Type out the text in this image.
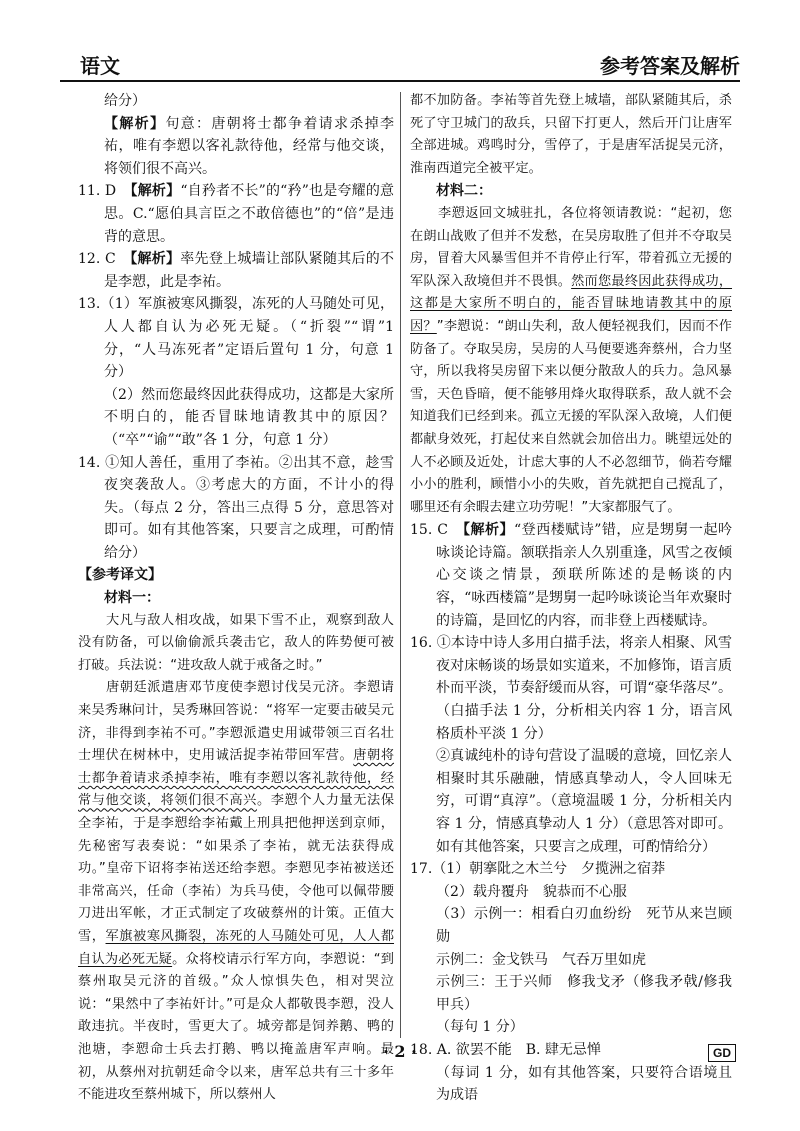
语文	参考答案及解析

给分）

【解析】句意：唐朝将士都争着请求杀掉李祐，唯有李愬以客礼款待他，经常与他交谈，将领们很不高兴。

11. D　 【解析】“自矜者不长”的“矜”也是夸耀的意思。C.“愿伯具言臣之不敢倍德也”的“倍”是违背的意思。

12. C　 【解析】率先登上城墙让部队紧随其后的不是李愬，此是李祐。

13.（1）军旗被寒风撕裂，冻死的人马随处可见，人人都自认为必死无疑。（“折裂”“谓”1 分，“人马冻死者”定语后置句 1 分，句意 1 分）

（2）然而您最终因此获得成功，这都是大家所不明白的，能否冒昧地请教其中的原因？（“卒”“谕”“敢”各 1 分，句意 1 分）

14. ①知人善任，重用了李祐。②出其不意，趁雪夜突袭敌人。③考虑大的方面，不计小的得失。（每点 2 分，答出三点得 5 分，意思答对即可。如有其他答案，只要言之成理，可酌情给分）

【参考译文】

材料一：

大凡与敌人相攻战，如果下雪不止，观察到敌人没有防备，可以偷偷派兵袭击它，敌人的阵势便可被打破。兵法说：“进攻敌人就于戒备之时。”

唐朝廷派遣唐邓节度使李愬讨伐吴元济。李愬请来吴秀琳问计，吴秀琳回答说：“将军一定要击破吴元济，非得到李祐不可。”李愬派遣史用诚带领三百名壮士埋伏在树林中，史用诚活捉李祐带回军营。唐朝将士都争着请求杀掉李祐，唯有李愬以客礼款待他，经常与他交谈，将领们很不高兴。李愬个人力量无法保全李祐，于是李愬给李祐戴上刑具把他押送到京师，先秘密写表奏说：“如果杀了李祐，就无法获得成功。”皇帝下诏将李祐送还给李愬。李愬见李祐被送还非常高兴，任命（李祐）为兵马使，令他可以佩带腰刀进出军帐，才正式制定了攻破蔡州的计策。正值大雪，军旗被寒风撕裂，冻死的人马随处可见，人人都自认为必死无疑。众将校请示行军方向，李愬说：“到蔡州取吴元济的首级。”众人惊惧失色，相对哭泣说：“果然中了李祐奸计。”可是众人都敬畏李愬，没人敢违抗。半夜时，雪更大了。城旁都是饲养鹅、鸭的池塘，李愬命士兵去打鹅、鸭以掩盖唐军声响。最初，从蔡州对抗朝廷命令以来，唐军总共有三十多年不能进攻至蔡州城下，所以蔡州人

都不加防备。李祐等首先登上城墙，部队紧随其后，杀死了守卫城门的敌兵，只留下打更人，然后开门让唐军全部进城。鸡鸣时分，雪停了，于是唐军活捉吴元济，淮南西道完全被平定。

材料二：

李愬返回文城驻扎，各位将领请教说：“起初，您在朗山战败了但并不发愁，在吴房取胜了但并不夺取吴房，冒着大风暴雪但并不肯停止行军，带着孤立无援的军队深入敌境但并不畏惧。然而您最终因此获得成功，这都是大家所不明白的，能否冒昧地请教其中的原因？”李愬说：“朗山失利，敌人便轻视我们，因而不作防备了。夺取吴房，吴房的人马便要逃奔蔡州，合力坚守，所以我将吴房留下来以便分散敌人的兵力。急风暴雪，天色昏暗，便不能够用烽火取得联系，敌人就不会知道我们已经到来。孤立无援的军队深入敌境，人们便都献身效死，打起仗来自然就会加倍出力。眺望远处的人不必顾及近处，计虑大事的人不必忽细节，倘若夸耀小小的胜利，顾惜小小的失败，首先就把自己搅乱了，哪里还有余暇去建立功劳呢！”大家都服气了。

15. C　 【解析】“登西楼赋诗”错，应是甥舅一起吟咏谈论诗篇。颔联指亲人久别重逢，风雪之夜倾心交谈之情景，颈联所陈述的是畅谈的内容，“咏西楼篇”是甥舅一起吟咏谈论当年欢聚时的诗篇，是回忆的内容，而非登上西楼赋诗。

16. ①本诗中诗人多用白描手法，将亲人相聚、风雪夜对床畅谈的场景如实道来，不加修饰，语言质朴而平淡，节奏舒缓而从容，可谓“豪华落尽”。（白描手法 1 分，分析相关内容 1 分，语言风格质朴平淡 1 分）

②真诚纯朴的诗句营设了温暖的意境，回忆亲人相聚时其乐融融，情感真挚动人，令人回味无穷，可谓“真淳”。（意境温暖 1 分，分析相关内容 1 分，情感真挚动人 1 分）（意思答对即可。如有其他答案，只要言之成理，可酌情给分）

17.（1）朝搴阰之木兰兮　夕揽洲之宿莽

（2）载舟覆舟　貌恭而不心服

（3）示例一：相看白刃血纷纷　死节从来岂顾勋

示例二：金戈铁马　气吞万里如虎

示例三：王于兴师　修我戈矛（修我矛戟/修我甲兵）

（每句 1 分）

18. A. 欲罢不能　B. 肆无忌惮

（每词 1 分，如有其他答案，只要符合语境且为成语

· 2 ·	GD
